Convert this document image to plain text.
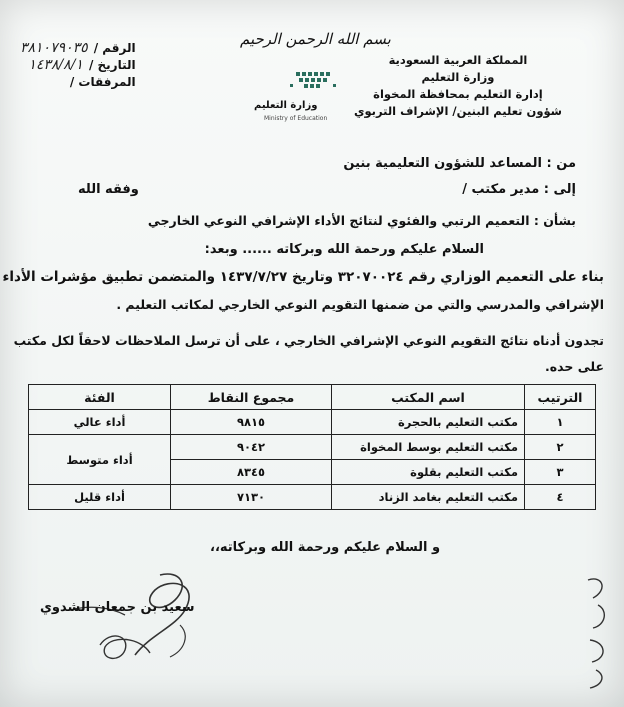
بسم الله الرحمن الرحيم
وزارة التعليم
Ministry of Education
المملكة العربية السعودية
وزارة التعليم
إدارة التعليم بمحافظة المخواة
شؤون تعليم البنين/ الإشراف التربوي
الرقم /
٣٨١٠٧٩٠٣٥
التاريخ /
١٤٣٨/٨/١
المرفقات /
من : المساعد للشؤون التعليمية بنين
إلى : مدير مكتب /
وفقه الله
بشأن : التعميم الرتبي والفئوي لنتائج الأداء الإشرافي النوعي الخارجي
السلام عليكم ورحمة الله وبركاته ...... وبعد:
بناء على التعميم الوزاري رقم ٣٢٠٧٠٠٢٤ وتاريخ ١٤٣٧/٧/٢٧ والمتضمن تطبيق مؤشرات الأداء
الإشرافي والمدرسي والتي من ضمنها التقويم النوعي الخارجي لمكاتب التعليم .
تجدون أدناه نتائج التقويم النوعي الإشرافي الخارجي ، على أن ترسل الملاحظات لاحقاً لكل مكتب
على حده.
الترتيب	اسم المكتب	مجموع النقاط	الفئة
١	مكتب التعليم بالحجرة	٩٨١٥	أداء عالي
٢	مكتب التعليم بوسط المخواة	٩٠٤٢	أداء متوسط
٣	مكتب التعليم بقلوة	٨٣٤٥	
٤	مكتب التعليم بغامد الزناد	٧١٣٠	أداء قليل
و السلام عليكم ورحمة الله وبركاته،،
سعيد بن جمعان الشدوي
